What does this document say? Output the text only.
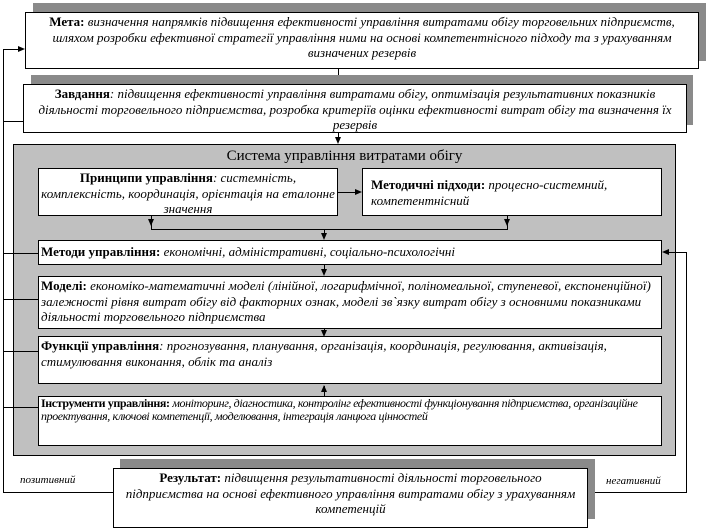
Мета: визначення напрямків підвищення ефективності управління витратами обігу торговельних підприємств, шляхом розробки ефективної стратегії управління ними на основі компетентнісного підходу та з урахуванням визначених резервів
Завдання: підвищення ефективності управління витратами обігу, оптимізація результативних показників діяльності торговельного підприємства, розробка критеріїв оцінки ефективності витрат обігу та визначення їх резервів
Система управління витратами обігу
Принципи управління: системність, комплексність, координація, орієнтація на еталонне значення
Методичні підходи: процесно-системний, компетентнісний
Методи управління: економічні, адміністративні, соціально-психологічні
Моделі: економіко-математичні моделі (лінійної, логарифмічної, поліномеальної, ступеневої, експоненційної) залежності рівня витрат обігу від факторних ознак, моделі зв`язку витрат обігу з основними показниками діяльності торговельного підприємства
Функції управління: прогнозування, планування, організація, координація, регулювання, активізація, стимулювання виконання, облік та аналіз
Інструменти управління: моніторинг, діагностика, контролінг ефективності функціонування підприємства, організаційне проектування, ключові компетенції, моделювання, інтеграція ланцюга цінностей
позитивний	негативний
Результат: підвищення результативності діяльності торговельного підприємства на основі ефективного управління витратами обігу з урахуванням компетенцій
